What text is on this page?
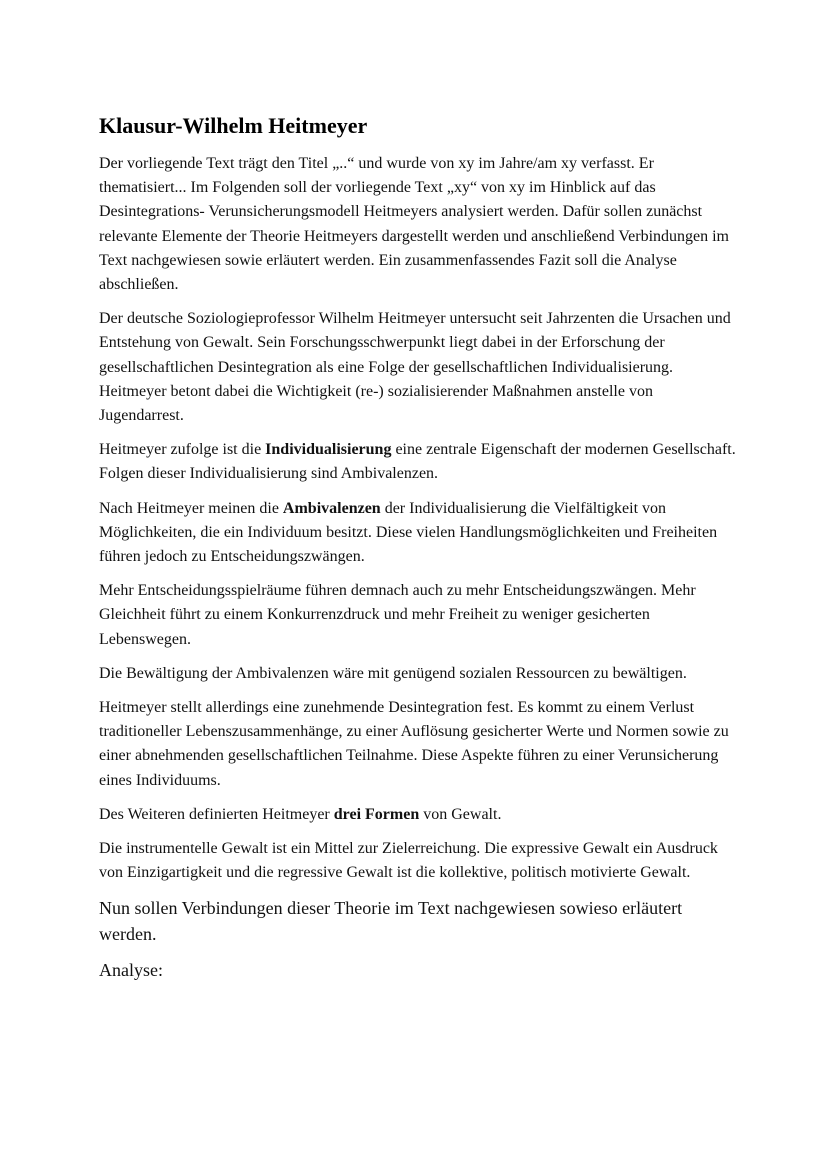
Klausur-Wilhelm Heitmeyer

Der vorliegende Text trägt den Titel „..“ und wurde von xy im Jahre/am xy verfasst. Er thematisiert... Im Folgenden soll der vorliegende Text „xy“ von xy im Hinblick auf das Desintegrations- Verunsicherungsmodell Heitmeyers analysiert werden. Dafür sollen zunächst relevante Elemente der Theorie Heitmeyers dargestellt werden und anschließend Verbindungen im Text nachgewiesen sowie erläutert werden. Ein zusammenfassendes Fazit soll die Analyse abschließen.

Der deutsche Soziologieprofessor Wilhelm Heitmeyer untersucht seit Jahrzenten die Ursachen und Entstehung von Gewalt. Sein Forschungsschwerpunkt liegt dabei in der Erforschung der gesellschaftlichen Desintegration als eine Folge der gesellschaftlichen Individualisierung. Heitmeyer betont dabei die Wichtigkeit (re-) sozialisierender Maßnahmen anstelle von Jugendarrest.

Heitmeyer zufolge ist die Individualisierung eine zentrale Eigenschaft der modernen Gesellschaft. Folgen dieser Individualisierung sind Ambivalenzen.

Nach Heitmeyer meinen die Ambivalenzen der Individualisierung die Vielfältigkeit von Möglichkeiten, die ein Individuum besitzt. Diese vielen Handlungsmöglichkeiten und Freiheiten führen jedoch zu Entscheidungszwängen.

Mehr Entscheidungsspielräume führen demnach auch zu mehr Entscheidungszwängen. Mehr Gleichheit führt zu einem Konkurrenzdruck und mehr Freiheit zu weniger gesicherten Lebenswegen.

Die Bewältigung der Ambivalenzen wäre mit genügend sozialen Ressourcen zu bewältigen.

Heitmeyer stellt allerdings eine zunehmende Desintegration fest. Es kommt zu einem Verlust traditioneller Lebenszusammenhänge, zu einer Auflösung gesicherter Werte und Normen sowie zu einer abnehmenden gesellschaftlichen Teilnahme. Diese Aspekte führen zu einer Verunsicherung eines Individuums.

Des Weiteren definierten Heitmeyer drei Formen von Gewalt.

Die instrumentelle Gewalt ist ein Mittel zur Zielerreichung. Die expressive Gewalt ein Ausdruck von Einzigartigkeit und die regressive Gewalt ist die kollektive, politisch motivierte Gewalt.

Nun sollen Verbindungen dieser Theorie im Text nachgewiesen sowieso erläutert werden.

Analyse:
